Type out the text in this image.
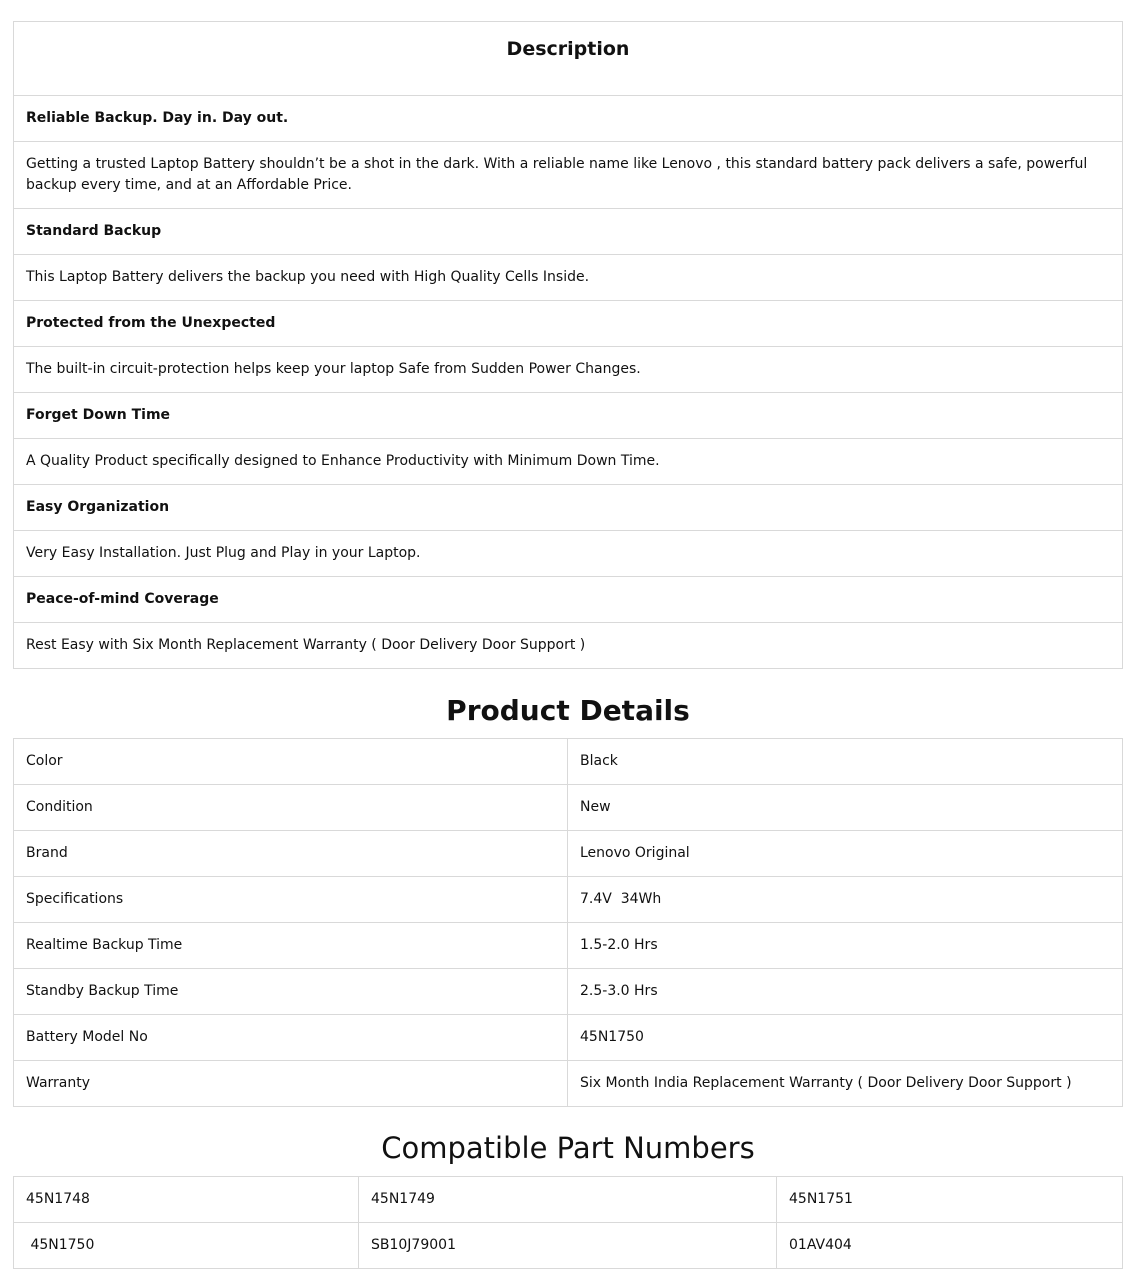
Description
Reliable Backup. Day in. Day out.
Getting a trusted Laptop Battery shouldn’t be a shot in the dark. With a reliable name like Lenovo , this standard battery pack delivers a safe, powerful backup every time, and at an Affordable Price.
Standard Backup
This Laptop Battery delivers the backup you need with High Quality Cells Inside.
Protected from the Unexpected
The built-in circuit-protection helps keep your laptop Safe from Sudden Power Changes.
Forget Down Time
A Quality Product specifically designed to Enhance Productivity with Minimum Down Time.
Easy Organization
Very Easy Installation. Just Plug and Play in your Laptop.
Peace-of-mind Coverage
Rest Easy with Six Month Replacement Warranty ( Door Delivery Door Support )
Product Details
Color	Black
Condition	New
Brand	Lenovo Original
Specifications	7.4V  34Wh
Realtime Backup Time	1.5-2.0 Hrs
Standby Backup Time	2.5-3.0 Hrs
Battery Model No	45N1750
Warranty	Six Month India Replacement Warranty ( Door Delivery Door Support )
Compatible Part Numbers
45N1748	45N1749	45N1751
45N1750	SB10J79001	01AV404
